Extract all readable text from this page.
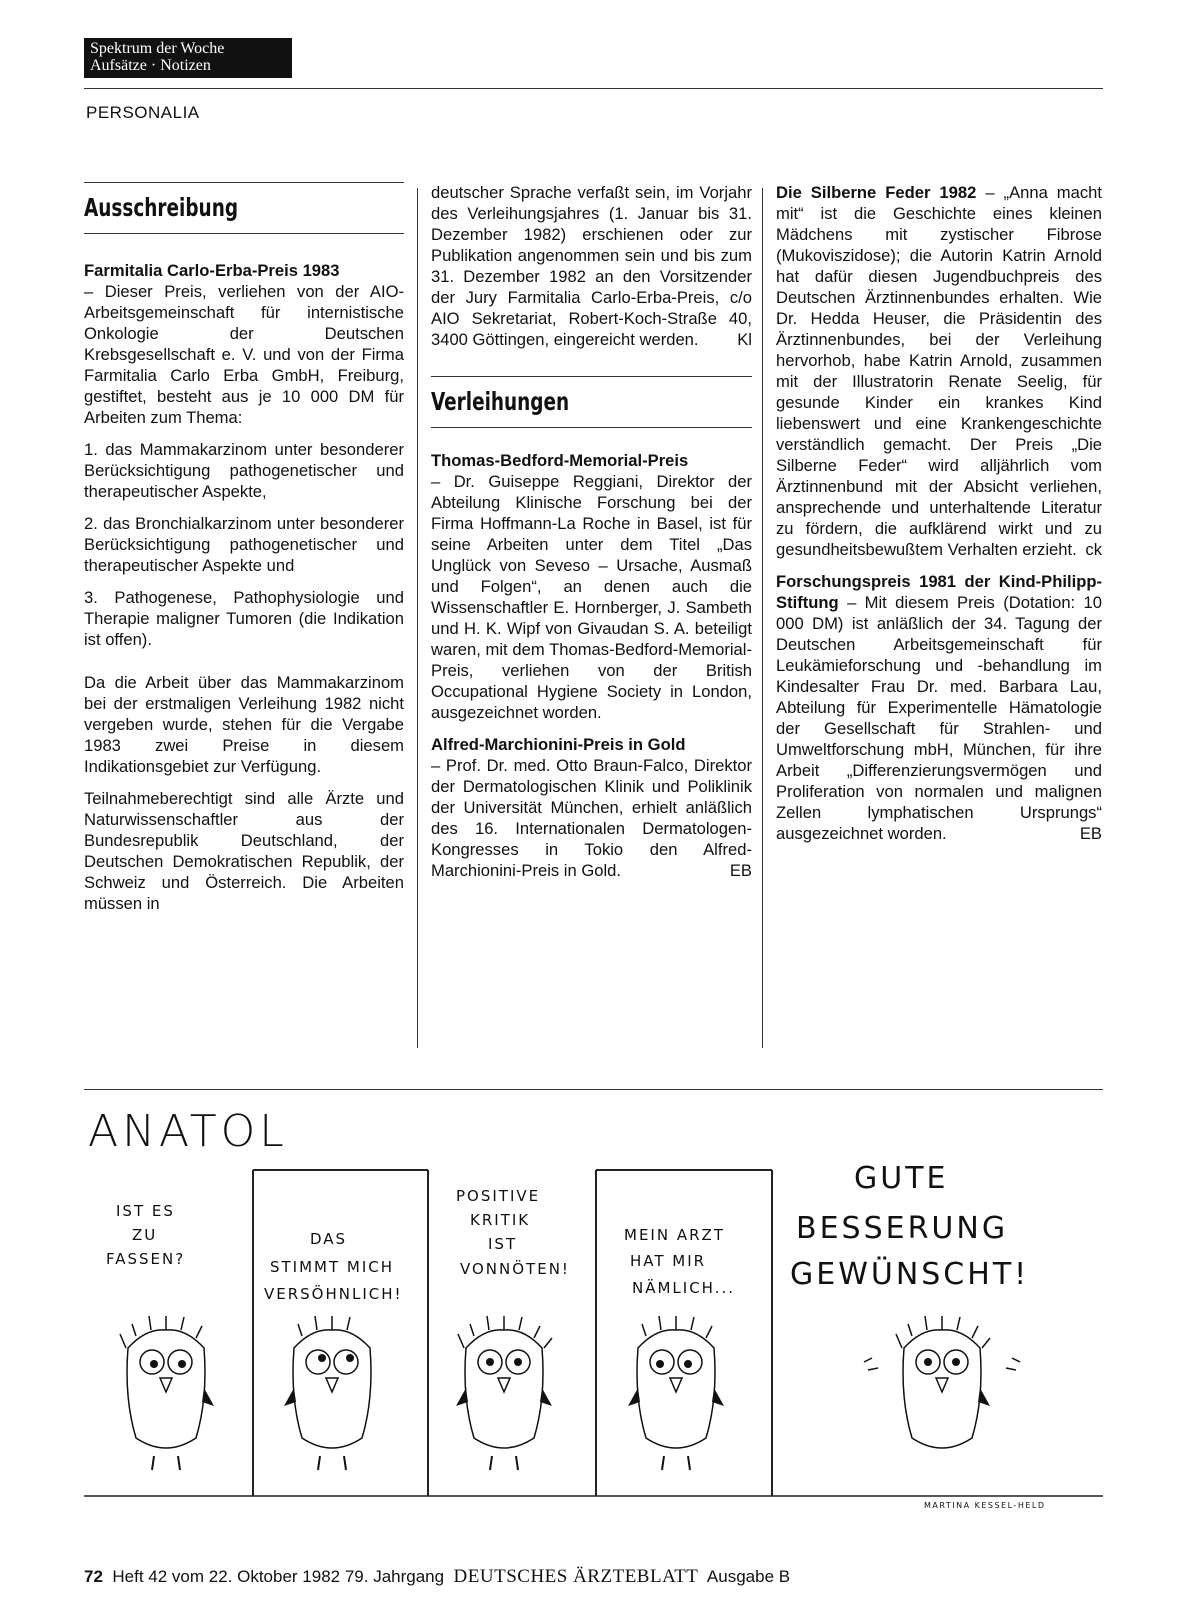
Spektrum der Woche
Aufsätze · Notizen
PERSONALIA
Ausschreibung

Farmitalia Carlo-Erba-Preis 1983
– Dieser Preis, verliehen von der AIO-Arbeitsgemeinschaft für internistische Onkologie der Deutschen Krebsgesellschaft e. V. und von der Firma Farmitalia Carlo Erba GmbH, Freiburg, gestiftet, besteht aus je 10 000 DM für Arbeiten zum Thema:

1. das Mammakarzinom unter besonderer Berücksichtigung pathogenetischer und therapeutischer Aspekte,

2. das Bronchialkarzinom unter besonderer Berücksichtigung pathogenetischer und therapeutischer Aspekte und

3. Pathogenese, Pathophysiologie und Therapie maligner Tumoren (die Indikation ist offen).

Da die Arbeit über das Mammakarzinom bei der erstmaligen Verleihung 1982 nicht vergeben wurde, stehen für die Vergabe 1983 zwei Preise in diesem Indikationsgebiet zur Verfügung.

Teilnahmeberechtigt sind alle Ärzte und Naturwissenschaftler aus der Bundesrepublik Deutschland, der Deutschen Demokratischen Republik, der Schweiz und Österreich. Die Arbeiten müssen in

deutscher Sprache verfaßt sein, im Vorjahr des Verleihungsjahres (1. Januar bis 31. Dezember 1982) erschienen oder zur Publikation angenommen sein und bis zum 31. Dezember 1982 an den Vorsitzender der Jury Farmitalia Carlo-Erba-Preis, c/o AIO Sekretariat, Robert-Koch-Straße 40, 3400 Göttingen, eingereicht werden. Kl

Verleihungen

Thomas-Bedford-Memorial-Preis
– Dr. Guiseppe Reggiani, Direktor der Abteilung Klinische Forschung bei der Firma Hoffmann-La Roche in Basel, ist für seine Arbeiten unter dem Titel „Das Unglück von Seveso – Ursache, Ausmaß und Folgen“, an denen auch die Wissenschaftler E. Hornberger, J. Sambeth und H. K. Wipf von Givaudan S. A. beteiligt waren, mit dem Thomas-Bedford-Memorial-Preis, verliehen von der British Occupational Hygiene Society in London, ausgezeichnet worden.

Alfred-Marchionini-Preis in Gold
– Prof. Dr. med. Otto Braun-Falco, Direktor der Dermatologischen Klinik und Poliklinik der Universität München, erhielt anläßlich des 16. Internationalen Dermatologen-Kongresses in Tokio den Alfred-Marchionini-Preis in Gold.	EB

Die Silberne Feder 1982 – „Anna macht mit“ ist die Geschichte eines kleinen Mädchens mit zystischer Fibrose (Mukoviszidose); die Autorin Katrin Arnold hat dafür diesen Jugendbuchpreis des Deutschen Ärztinnenbundes erhalten. Wie Dr. Hedda Heuser, die Präsidentin des Ärztinnenbundes, bei der Verleihung hervorhob, habe Katrin Arnold, zusammen mit der Illustratorin Renate Seelig, für gesunde Kinder ein krankes Kind liebenswert und eine Krankengeschichte verständlich gemacht. Der Preis „Die Silberne Feder“ wird alljährlich vom Ärztinnenbund mit der Absicht verliehen, ansprechende und unterhaltende Literatur zu fördern, die aufklärend wirkt und zu gesundheitsbewußtem Verhalten erzieht. ck

Forschungspreis 1981 der Kind-Philipp-Stiftung – Mit diesem Preis (Dotation: 10 000 DM) ist anläßlich der 34. Tagung der Deutschen Arbeitsgemeinschaft für Leukämieforschung und -behandlung im Kindesalter Frau Dr. med. Barbara Lau, Abteilung für Experimentelle Hämatologie der Gesellschaft für Strahlen- und Umweltforschung mbH, München, für ihre Arbeit „Differenzierungsvermögen und Proliferation von normalen und malignen Zellen lymphatischen Ursprungs“ ausgezeichnet worden.	EB

ANATOL
IST ES
ZU
FASSEN?
DAS
STIMMT MICH
VERSÖHNLICH!
POSITIVE
KRITIK
IST
VONNÖTEN!
MEIN ARZT
HAT MIR
NÄMLICH...
GUTE
BESSERUNG
GEWÜNSCHT!
MARTINA KESSEL-HELD
72 Heft 42 vom 22. Oktober 1982 79. Jahrgang DEUTSCHES ÄRZTEBLATT Ausgabe B
